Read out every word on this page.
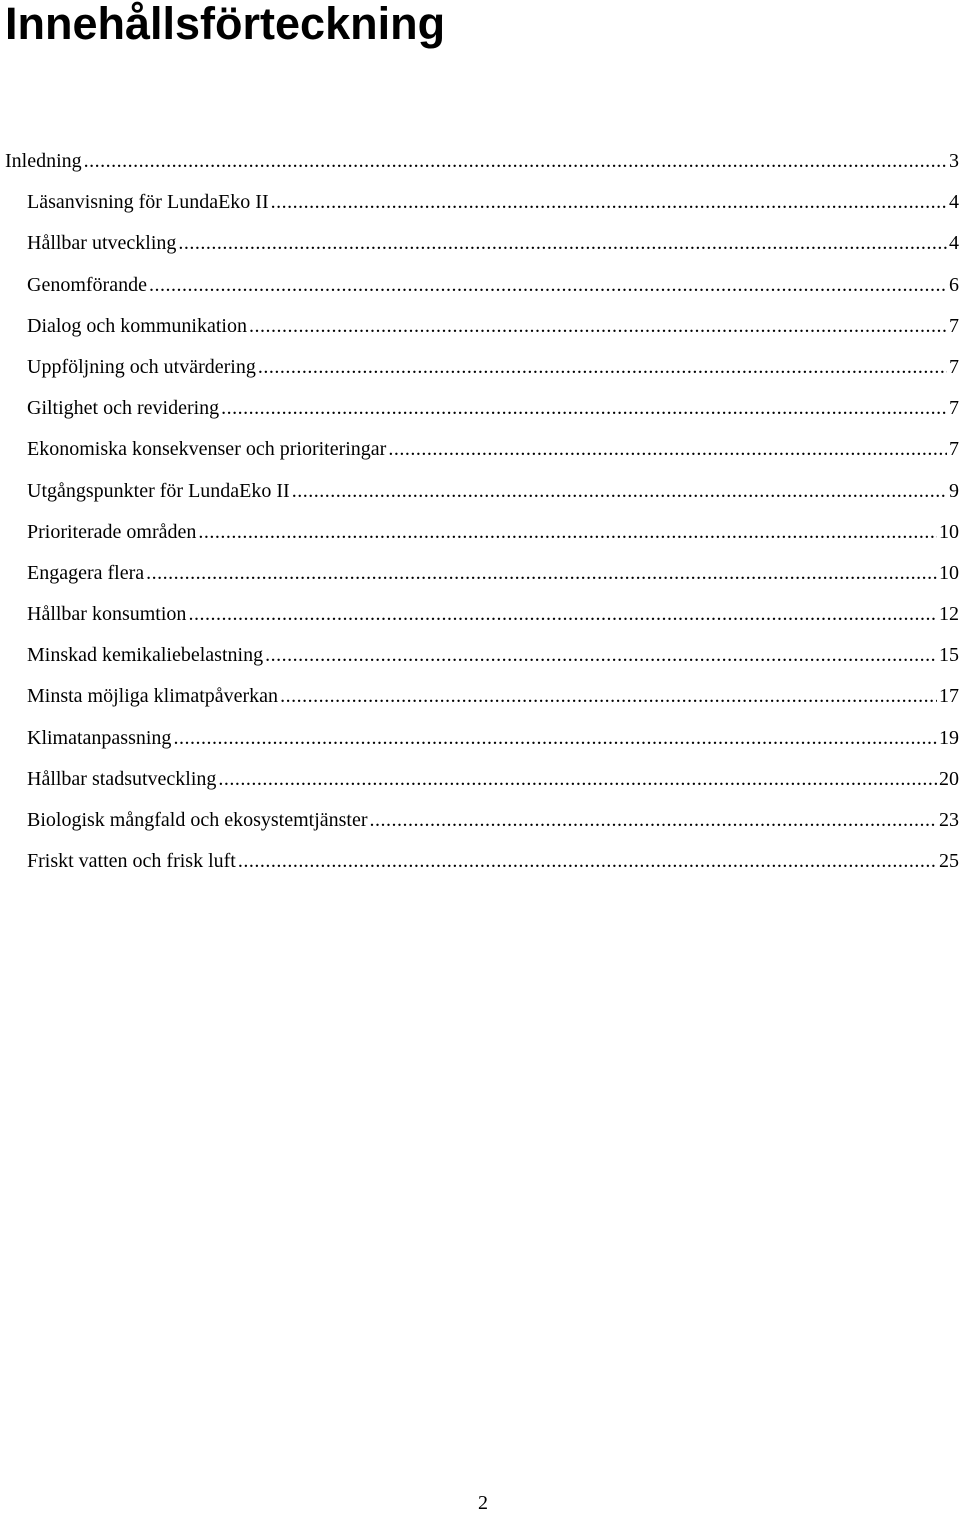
Innehållsförteckning
Inledning .....	3
Läsanvisning för LundaEko II .....	4
Hållbar utveckling .....	4
Genomförande .....	6
Dialog och kommunikation .....	7
Uppföljning och utvärdering .....	7
Giltighet och revidering .....	7
Ekonomiska konsekvenser och prioriteringar .....	7
Utgångspunkter för LundaEko II .....	9
Prioriterade områden .....	10
Engagera flera .....	10
Hållbar konsumtion .....	12
Minskad kemikaliebelastning .....	15
Minsta möjliga klimatpåverkan .....	17
Klimatanpassning .....	19
Hållbar stadsutveckling .....	20
Biologisk mångfald och ekosystemtjänster .....	23
Friskt vatten och frisk luft .....	25
2
